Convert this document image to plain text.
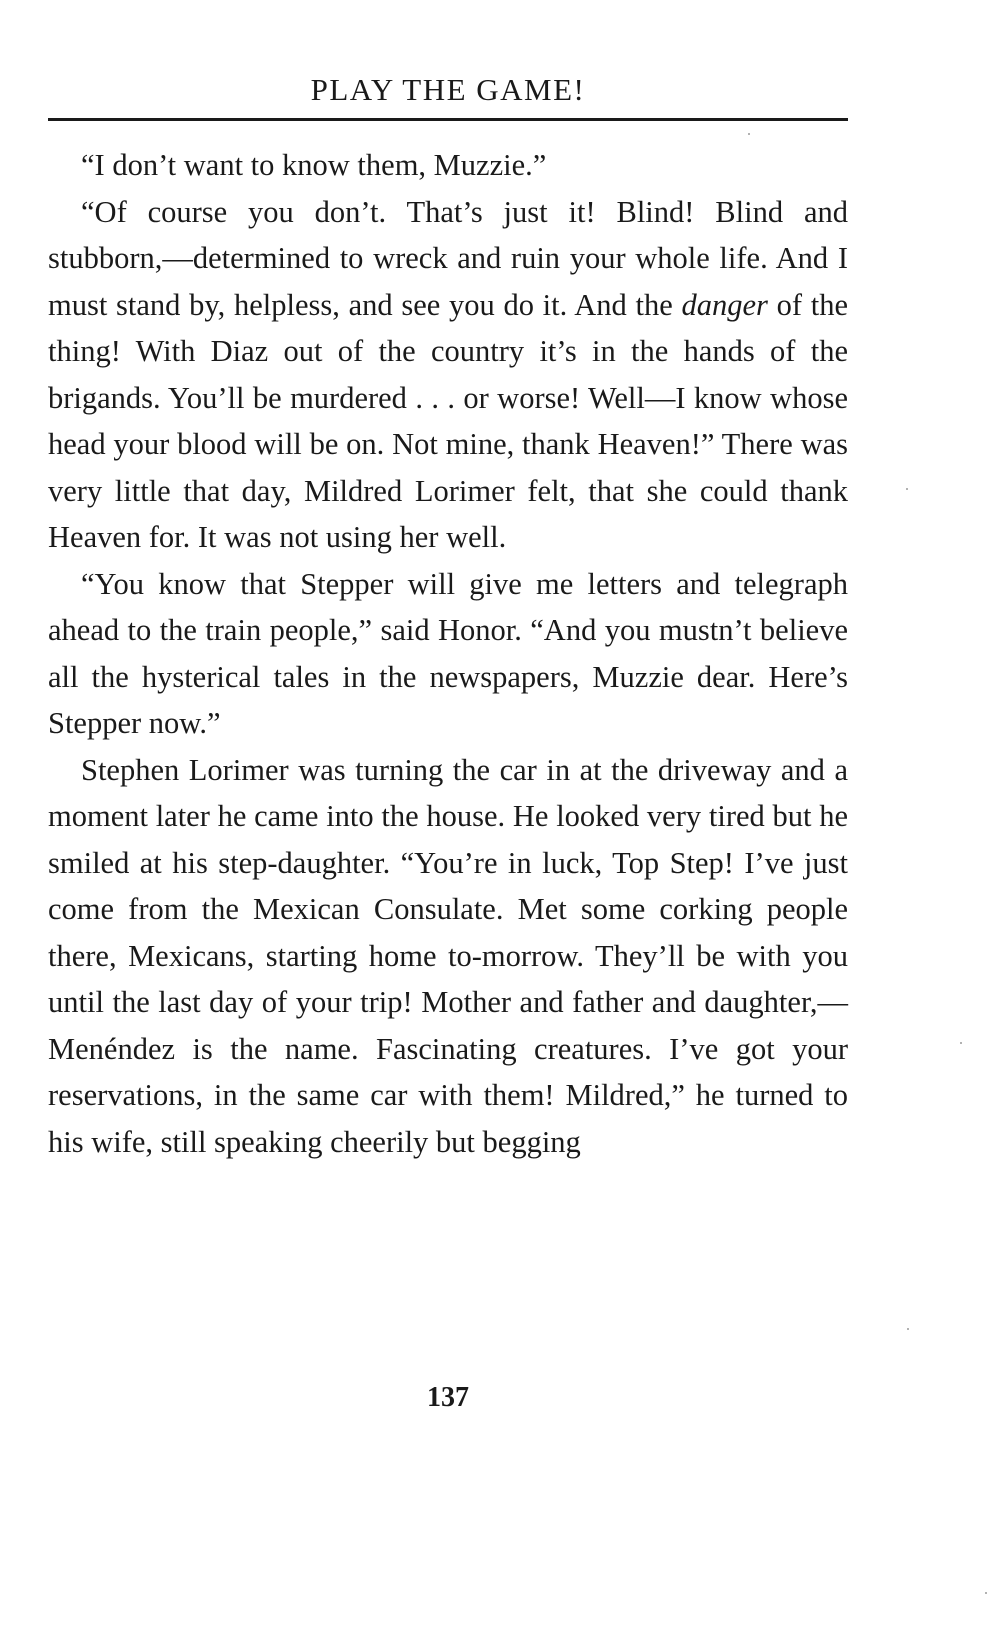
PLAY THE GAME!

“I don’t want to know them, Muzzie.”

“Of course you don’t. That’s just it! Blind! Blind and stubborn,—determined to wreck and ruin your whole life. And I must stand by, helpless, and see you do it. And the danger of the thing! With Diaz out of the country it’s in the hands of the brigands. You’ll be murdered . . . or worse! Well—I know whose head your blood will be on. Not mine, thank Heaven!” There was very little that day, Mildred Lorimer felt, that she could thank Heaven for. It was not using her well.

“You know that Stepper will give me letters and telegraph ahead to the train people,” said Honor. “And you mustn’t believe all the hysterical tales in the newspapers, Muzzie dear. Here’s Stepper now.”

Stephen Lorimer was turning the car in at the driveway and a moment later he came into the house. He looked very tired but he smiled at his step-daughter. “You’re in luck, Top Step! I’ve just come from the Mexican Consulate. Met some corking people there, Mexicans, starting home to-morrow. They’ll be with you until the last day of your trip! Mother and father and daughter,—Menéndez is the name. Fascinating creatures. I’ve got your reservations, in the same car with them! Mildred,” he turned to his wife, still speaking cheerily but begging

137
